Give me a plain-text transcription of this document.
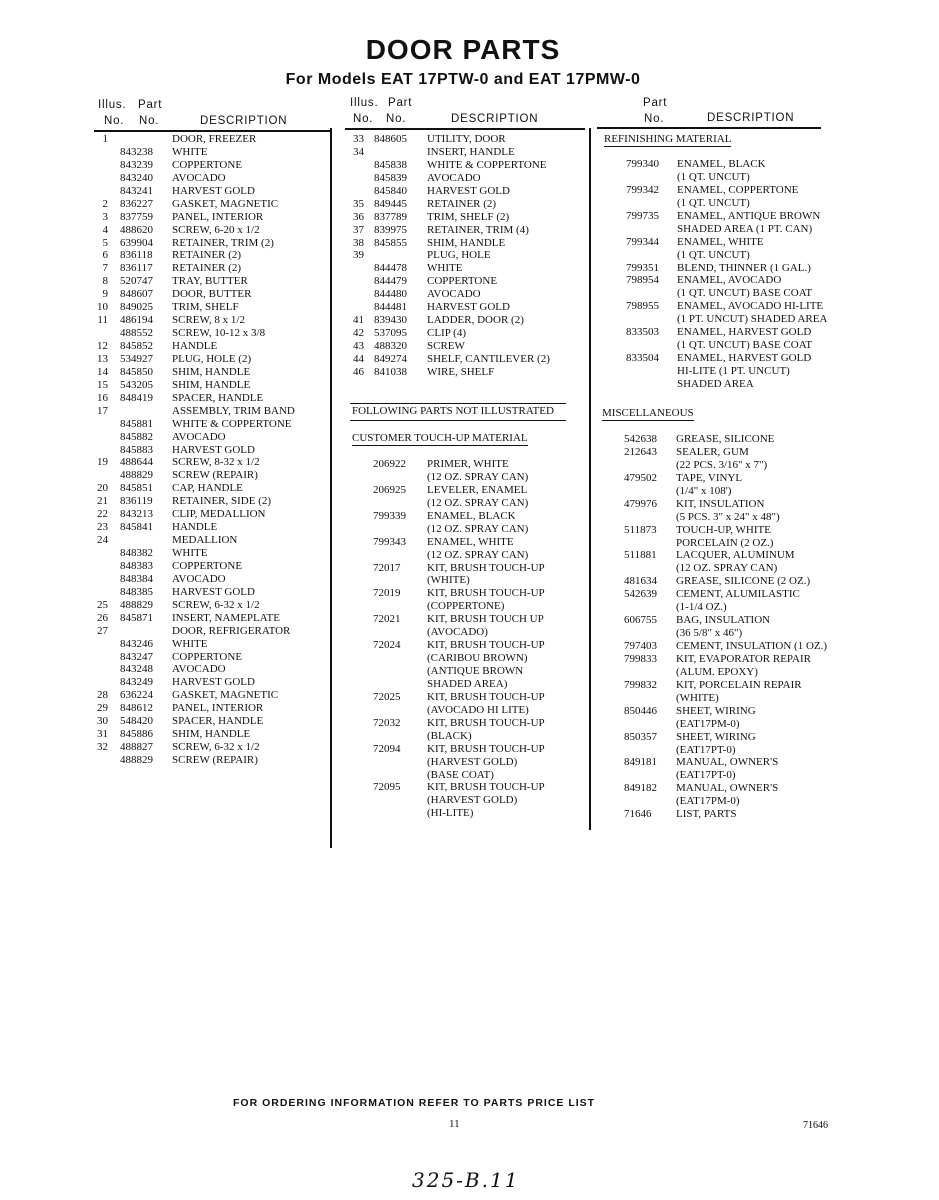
DOOR PARTS
For Models EAT 17PTW-0 and EAT 17PMW-0
Illus. Part
No. No.	DESCRIPTION
Illus. Part
No. No.	DESCRIPTION
Part
No.	DESCRIPTION
1	DOOR, FREEZER
843238 WHITE
843239 COPPERTONE
843240 AVOCADO
843241 HARVEST GOLD
2 836227 GASKET, MAGNETIC
3 837759 PANEL, INTERIOR
4 488620 SCREW, 6-20 x 1/2
5 639904 RETAINER, TRIM (2)
6 836118 RETAINER (2)
7 836117 RETAINER (2)
8 520747 TRAY, BUTTER
9 848607 DOOR, BUTTER
10 849025 TRIM, SHELF
11 486194 SCREW, 8 x 1/2
488552 SCREW, 10-12 x 3/8
12 845852 HANDLE
13 534927 PLUG, HOLE (2)
14 845850 SHIM, HANDLE
15 543205 SHIM, HANDLE
16 848419 SPACER, HANDLE
17	ASSEMBLY, TRIM BAND
845881 WHITE & COPPERTONE
845882 AVOCADO
845883 HARVEST GOLD
19 488644 SCREW, 8-32 x 1/2
488829 SCREW (REPAIR)
20 845851 CAP, HANDLE
21 836119 RETAINER, SIDE (2)
22 843213 CLIP, MEDALLION
23 845841 HANDLE
24	MEDALLION
848382 WHITE
848383 COPPERTONE
848384 AVOCADO
848385 HARVEST GOLD
25 488829 SCREW, 6-32 x 1/2
26 845871 INSERT, NAMEPLATE
27	DOOR, REFRIGERATOR
843246 WHITE
843247 COPPERTONE
843248 AVOCADO
843249 HARVEST GOLD
28 636224 GASKET, MAGNETIC
29 848612 PANEL, INTERIOR
30 548420 SPACER, HANDLE
31 845886 SHIM, HANDLE
32 488827 SCREW, 6-32 x 1/2
488829 SCREW (REPAIR)
33 848605 UTILITY, DOOR
34	INSERT, HANDLE
845838 WHITE & COPPERTONE
845839 AVOCADO
845840 HARVEST GOLD
35 849445 RETAINER (2)
36 837789 TRIM, SHELF (2)
37 839975 RETAINER, TRIM (4)
38 845855 SHIM, HANDLE
39	PLUG, HOLE
844478 WHITE
844479 COPPERTONE
844480 AVOCADO
844481 HARVEST GOLD
41 839430 LADDER, DOOR (2)
42 537095 CLIP (4)
43 488320 SCREW
44 849274 SHELF, CANTILEVER (2)
46 841038 WIRE, SHELF
FOLLOWING PARTS NOT ILLUSTRATED
CUSTOMER TOUCH-UP MATERIAL
206922 PRIMER, WHITE
(12 OZ. SPRAY CAN)
206925 LEVELER, ENAMEL
(12 OZ. SPRAY CAN)
799339 ENAMEL, BLACK
(12 OZ. SPRAY CAN)
799343 ENAMEL, WHITE
(12 OZ. SPRAY CAN)
72017 KIT, BRUSH TOUCH-UP
(WHITE)
72019 KIT, BRUSH TOUCH-UP
(COPPERTONE)
72021 KIT, BRUSH TOUCH UP
(AVOCADO)
72024 KIT, BRUSH TOUCH-UP
(CARIBOU BROWN)
(ANTIQUE BROWN
SHADED AREA)
72025 KIT, BRUSH TOUCH-UP
(AVOCADO HI LITE)
72032 KIT, BRUSH TOUCH-UP
(BLACK)
72094 KIT, BRUSH TOUCH-UP
(HARVEST GOLD)
(BASE COAT)
72095 KIT, BRUSH TOUCH-UP
(HARVEST GOLD)
(HI-LITE)
REFINISHING MATERIAL
799340 ENAMEL, BLACK
(1 QT. UNCUT)
799342 ENAMEL, COPPERTONE
(1 QT. UNCUT)
799735 ENAMEL, ANTIQUE BROWN
SHADED AREA (1 PT. CAN)
799344 ENAMEL, WHITE
(1 QT. UNCUT)
799351 BLEND, THINNER (1 GAL.)
798954 ENAMEL, AVOCADO
(1 QT. UNCUT) BASE COAT
798955 ENAMEL, AVOCADO HI-LITE
(1 PT. UNCUT) SHADED AREA
833503 ENAMEL, HARVEST GOLD
(1 QT. UNCUT) BASE COAT
833504 ENAMEL, HARVEST GOLD
HI-LITE (1 PT. UNCUT)
SHADED AREA
MISCELLANEOUS
542638 GREASE, SILICONE
212643 SEALER, GUM
(22 PCS. 3/16" x 7")
479502 TAPE, VINYL
(1/4" x 108')
479976 KIT, INSULATION
(5 PCS. 3" x 24" x 48")
511873 TOUCH-UP, WHITE
PORCELAIN (2 OZ.)
511881 LACQUER, ALUMINUM
(12 OZ. SPRAY CAN)
481634 GREASE, SILICONE (2 OZ.)
542639 CEMENT, ALUMILASTIC
(1-1/4 OZ.)
606755 BAG, INSULATION
(36 5/8" x 46")
797403 CEMENT, INSULATION (1 OZ.)
799833 KIT, EVAPORATOR REPAIR
(ALUM. EPOXY)
799832 KIT, PORCELAIN REPAIR
(WHITE)
850446 SHEET, WIRING
(EAT17PM-0)
850357 SHEET, WIRING
(EAT17PT-0)
849181 MANUAL, OWNER'S
(EAT17PT-0)
849182 MANUAL, OWNER'S
(EAT17PM-0)
71646 LIST, PARTS
FOR ORDERING INFORMATION REFER TO PARTS PRICE LIST
11	71646
325-B.11
